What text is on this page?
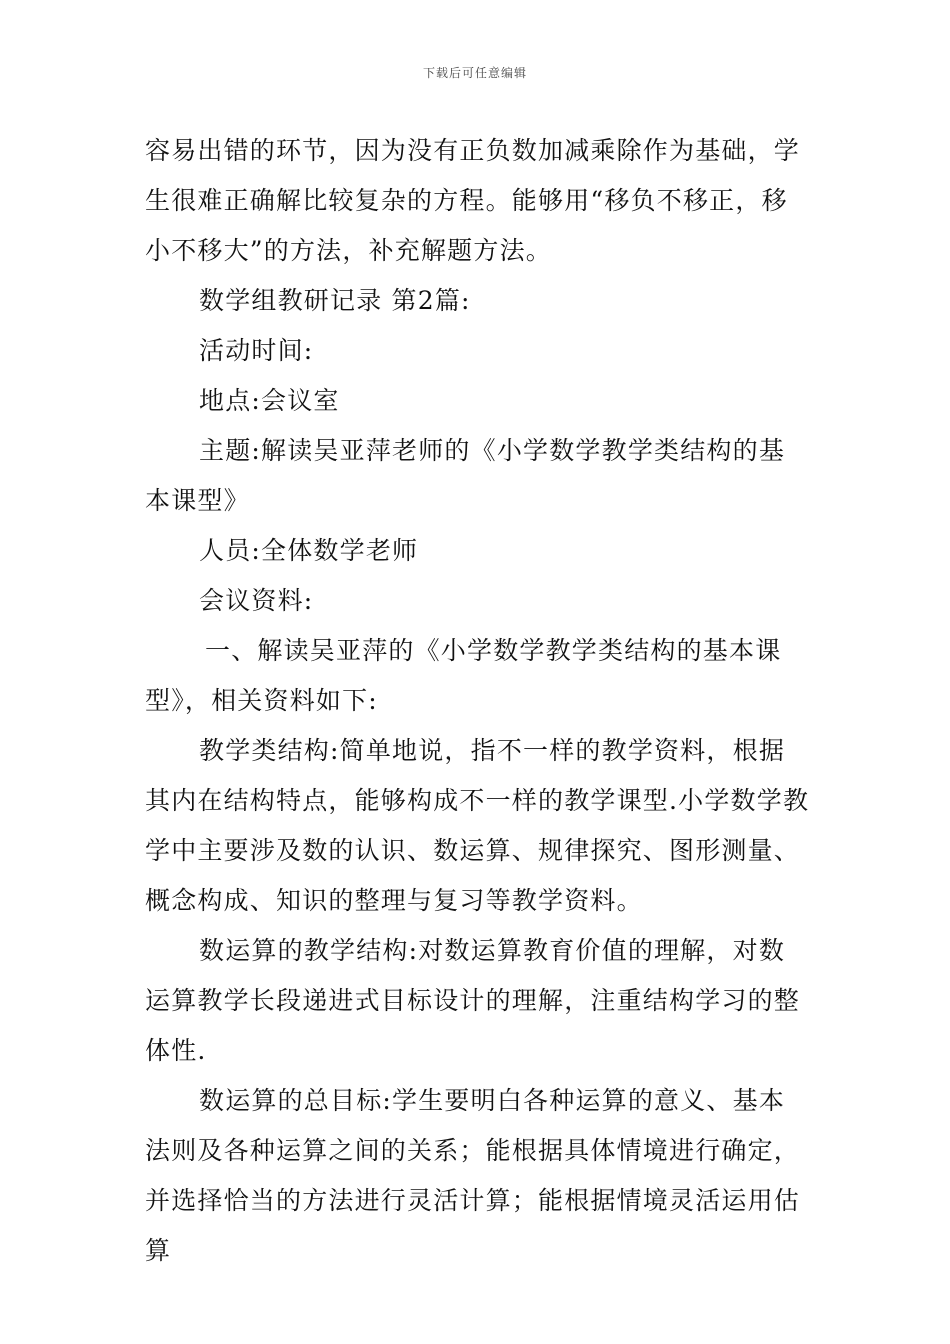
下载后可任意编辑

容易出错的环节，因为没有正负数加减乘除作为基础，学生很难正确解比较复杂的方程。能够用“移负不移正，移小不移大”的方法，补充解题方法。

数学组教研记录 第2篇:

活动时间:

地点:会议室

主题:解读吴亚萍老师的《小学数学教学类结构的基本课型》

人员:全体数学老师

会议资料:

一、解读吴亚萍的《小学数学教学类结构的基本课型》，相关资料如下:

教学类结构:简单地说，指不一样的教学资料，根据其内在结构特点，能够构成不一样的教学课型.小学数学教学中主要涉及数的认识、数运算、规律探究、图形测量、概念构成、知识的整理与复习等教学资料。

数运算的教学结构:对数运算教育价值的理解，对数运算教学长段递进式目标设计的理解，注重结构学习的整体性.

数运算的总目标:学生要明白各种运算的意义、基本法则及各种运算之间的关系；能根据具体情境进行确定，并选择恰当的方法进行灵活计算；能根据情境灵活运用估算
